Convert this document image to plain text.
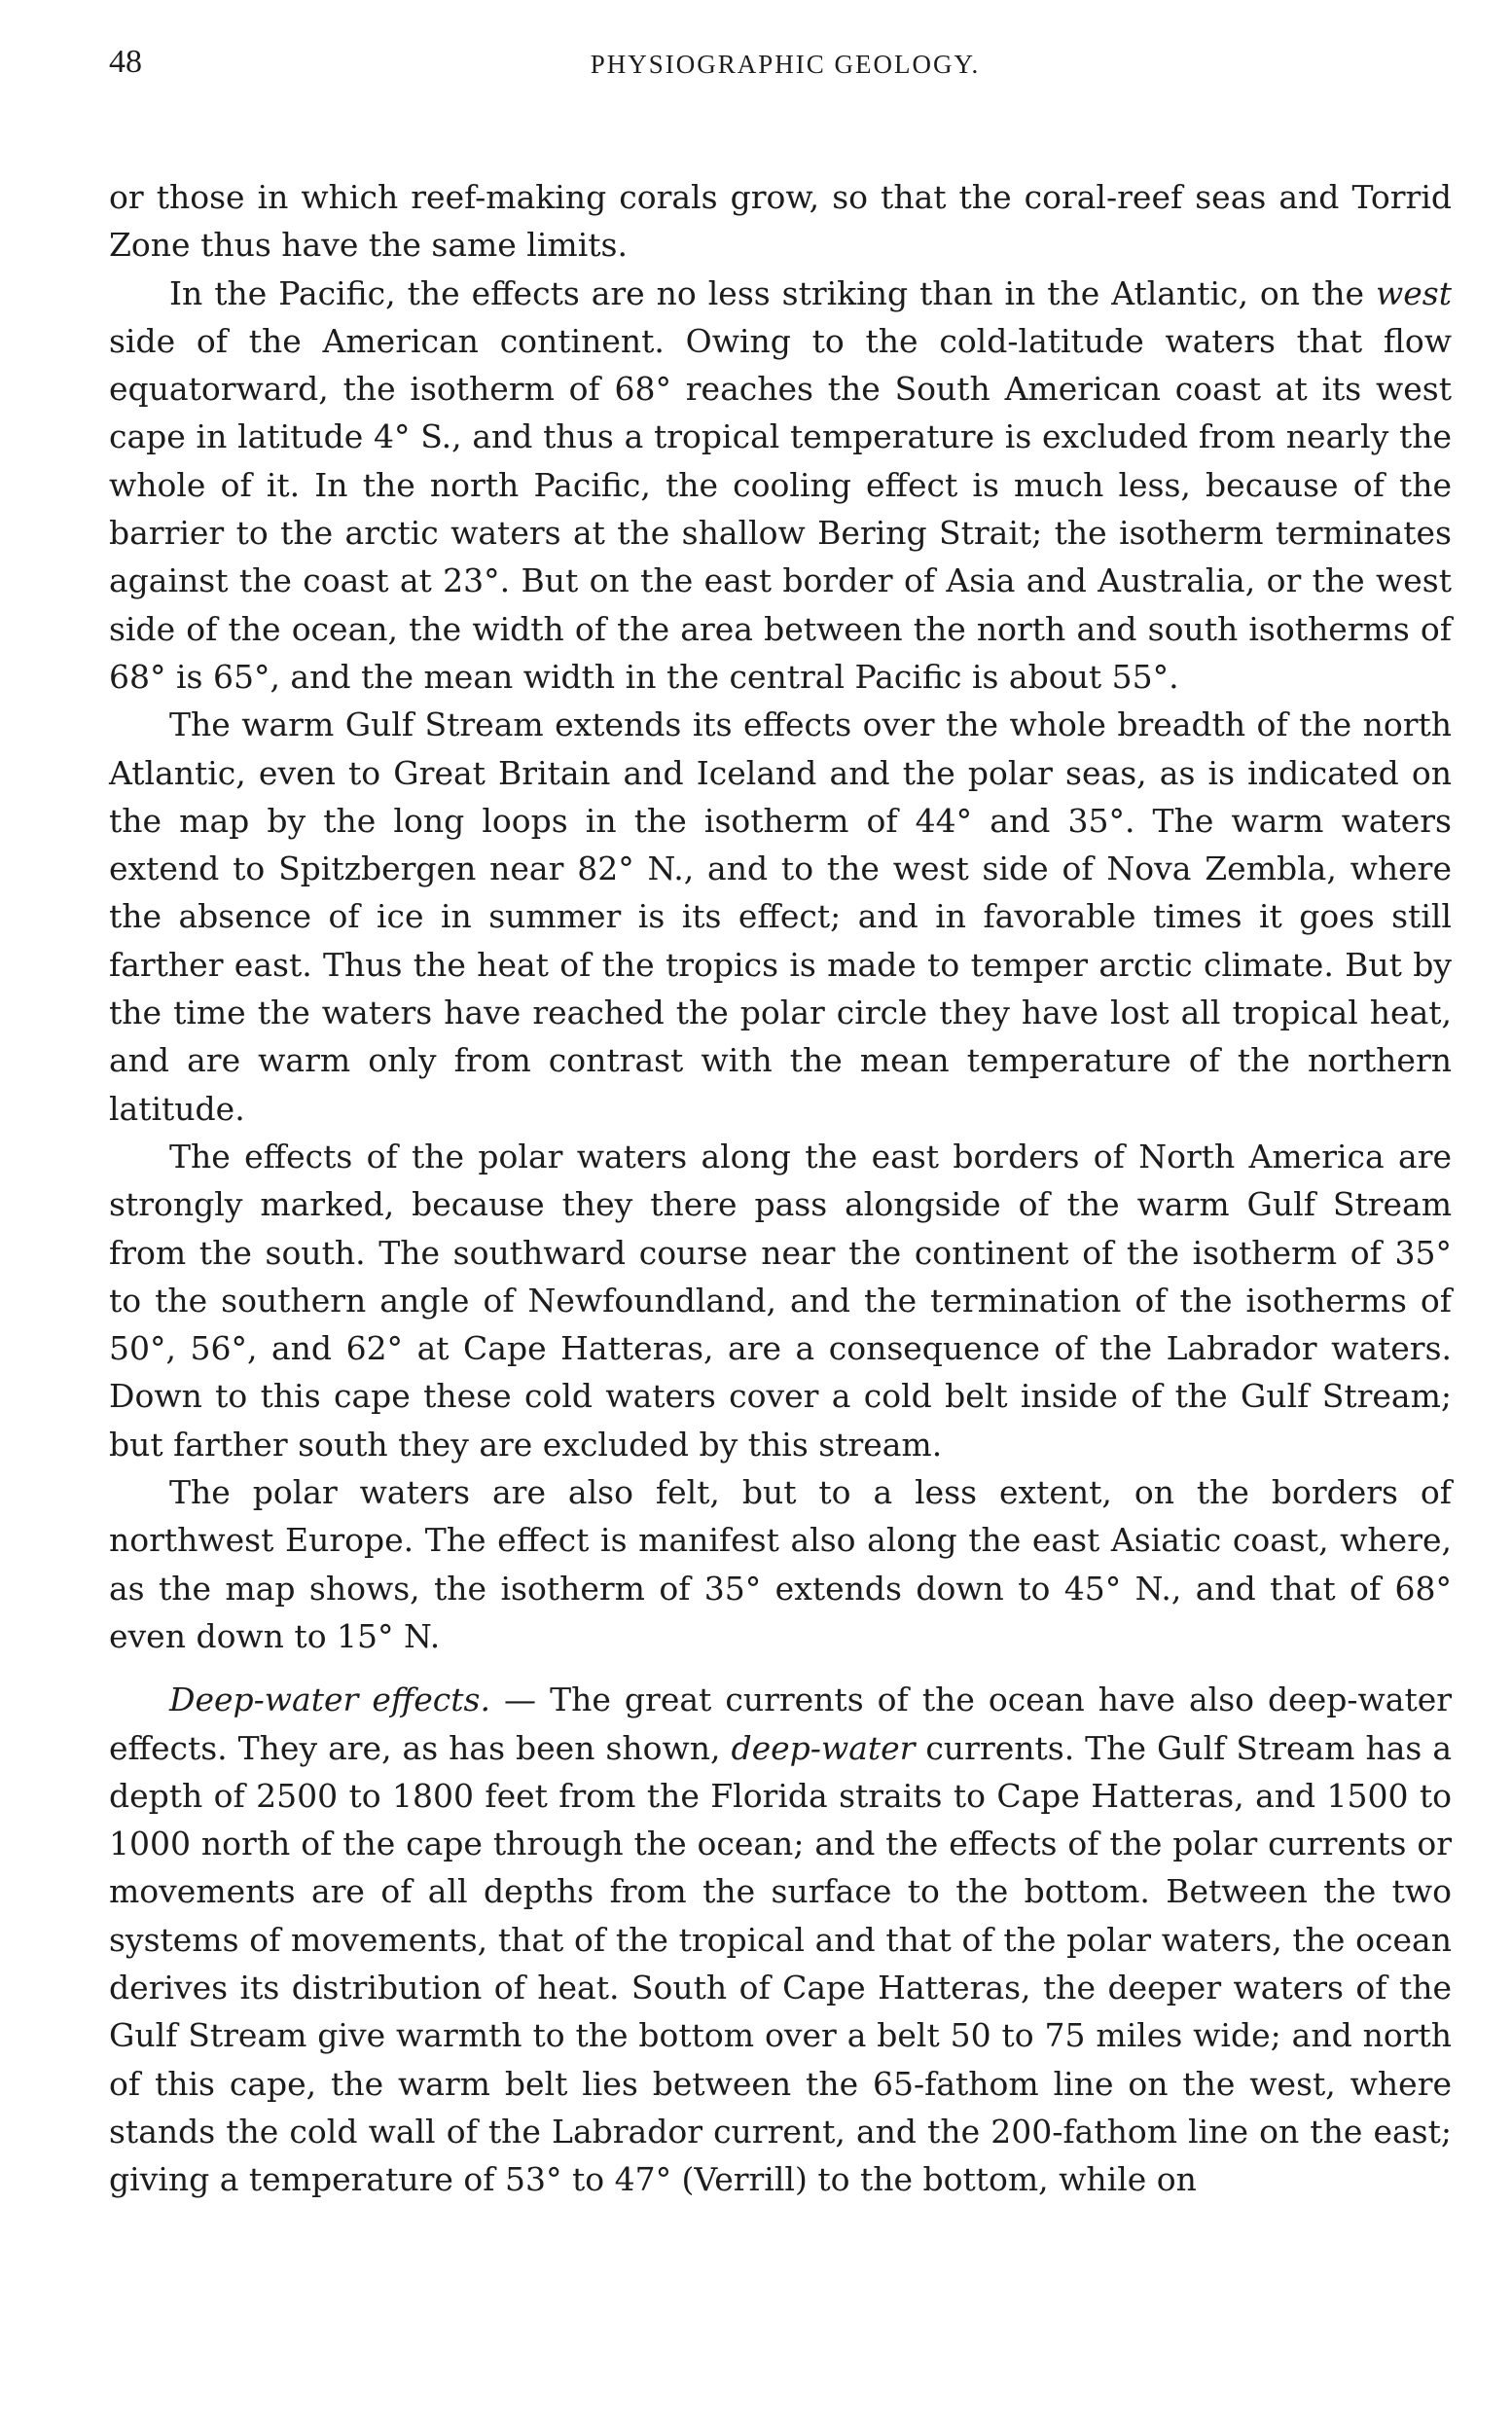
48	PHYSIOGRAPHIC GEOLOGY.

or those in which reef-making corals grow, so that the coral-reef seas and Torrid Zone thus have the same limits.

In the Pacific, the effects are no less striking than in the Atlantic, on the west side of the American continent. Owing to the cold-latitude waters that flow equatorward, the isotherm of 68° reaches the South American coast at its west cape in latitude 4° S., and thus a tropical temperature is excluded from nearly the whole of it. In the north Pacific, the cooling effect is much less, because of the barrier to the arctic waters at the shallow Bering Strait; the isotherm terminates against the coast at 23°. But on the east border of Asia and Australia, or the west side of the ocean, the width of the area between the north and south isotherms of 68° is 65°, and the mean width in the central Pacific is about 55°.

The warm Gulf Stream extends its effects over the whole breadth of the north Atlantic, even to Great Britain and Iceland and the polar seas, as is indicated on the map by the long loops in the isotherm of 44° and 35°. The warm waters extend to Spitzbergen near 82° N., and to the west side of Nova Zembla, where the absence of ice in summer is its effect; and in favorable times it goes still farther east. Thus the heat of the tropics is made to temper arctic climate. But by the time the waters have reached the polar circle they have lost all tropical heat, and are warm only from contrast with the mean temperature of the northern latitude.

The effects of the polar waters along the east borders of North America are strongly marked, because they there pass alongside of the warm Gulf Stream from the south. The southward course near the continent of the isotherm of 35° to the southern angle of Newfoundland, and the termination of the isotherms of 50°, 56°, and 62° at Cape Hatteras, are a consequence of the Labrador waters. Down to this cape these cold waters cover a cold belt inside of the Gulf Stream; but farther south they are excluded by this stream.

The polar waters are also felt, but to a less extent, on the borders of northwest Europe. The effect is manifest also along the east Asiatic coast, where, as the map shows, the isotherm of 35° extends down to 45° N., and that of 68° even down to 15° N.

Deep-water effects. — The great currents of the ocean have also deep-water effects. They are, as has been shown, deep-water currents. The Gulf Stream has a depth of 2500 to 1800 feet from the Florida straits to Cape Hatteras, and 1500 to 1000 north of the cape through the ocean; and the effects of the polar currents or movements are of all depths from the surface to the bottom. Between the two systems of movements, that of the tropical and that of the polar waters, the ocean derives its distribution of heat. South of Cape Hatteras, the deeper waters of the Gulf Stream give warmth to the bottom over a belt 50 to 75 miles wide; and north of this cape, the warm belt lies between the 65-fathom line on the west, where stands the cold wall of the Labrador current, and the 200-fathom line on the east; giving a temperature of 53° to 47° (Verrill) to the bottom, while on
